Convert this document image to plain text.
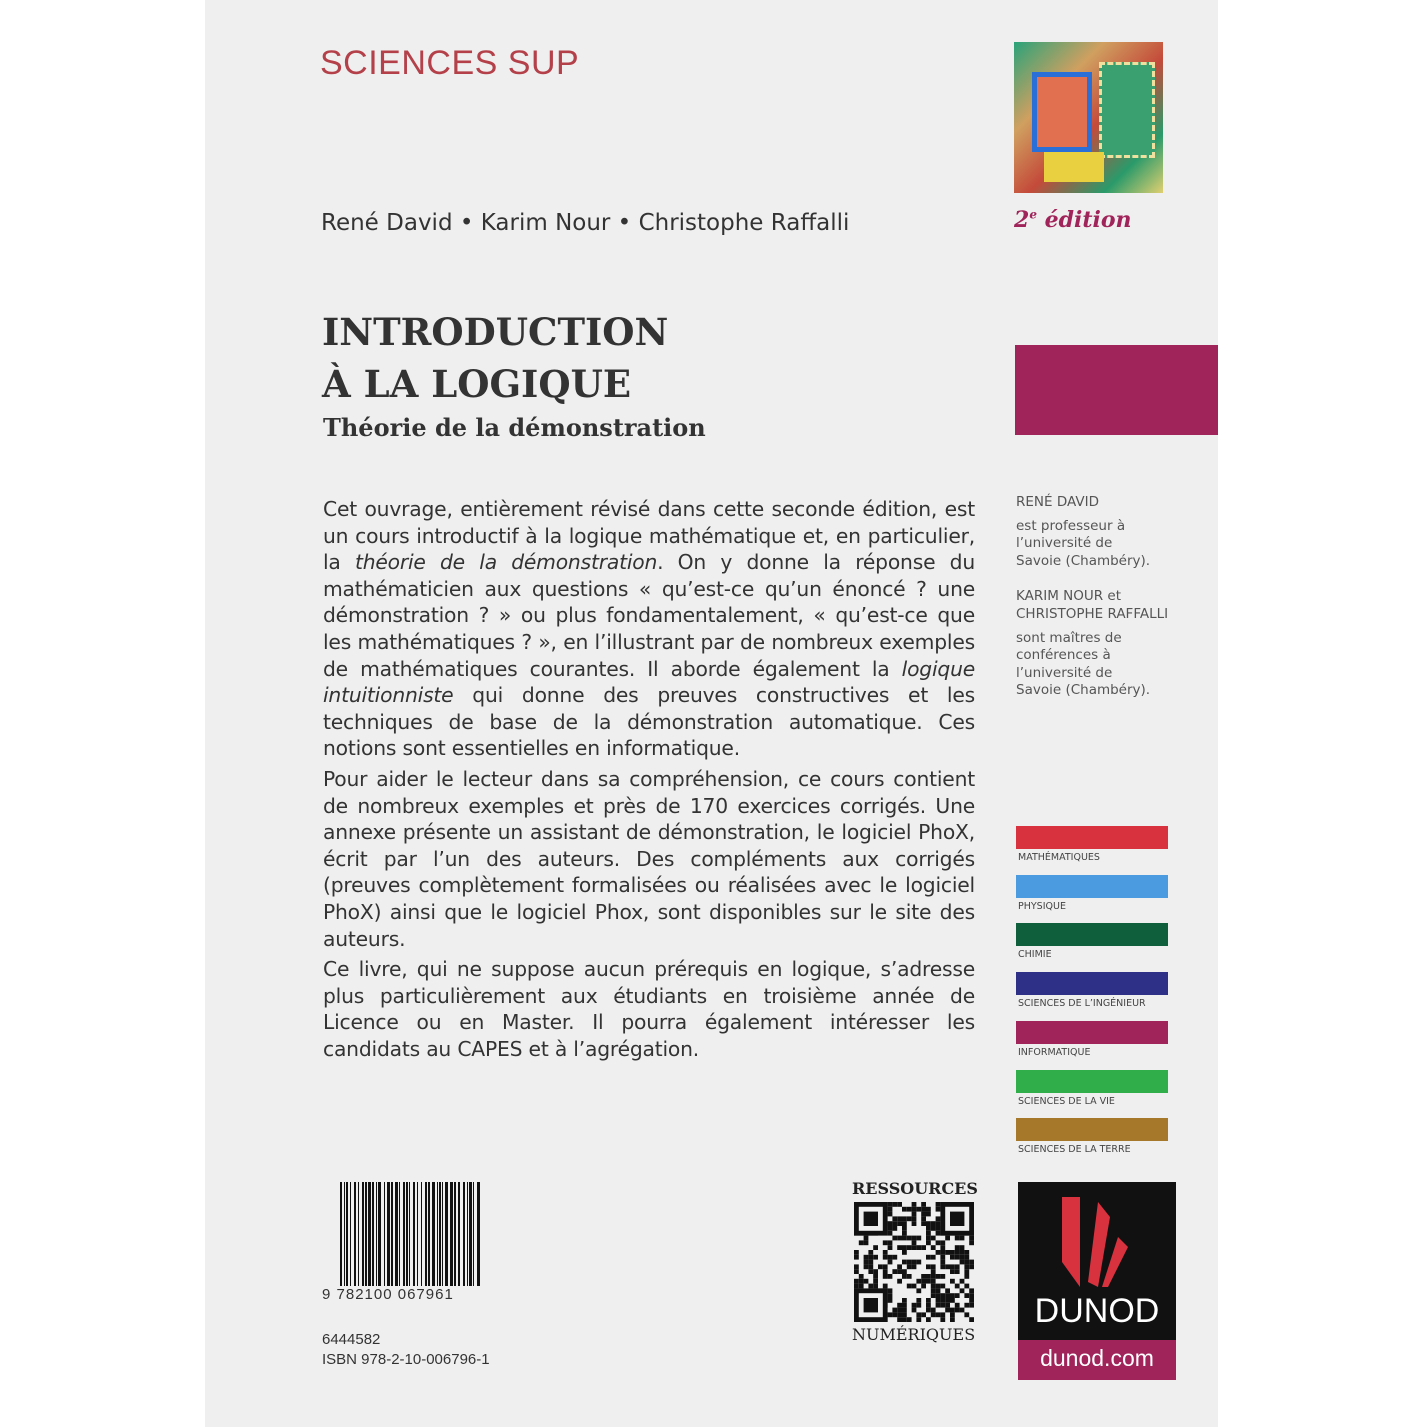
SCIENCES SUP
René David • Karim Nour • Christophe Raffalli	2e édition
INTRODUCTION
À LA LOGIQUE
Théorie de la démonstration

Cet ouvrage, entièrement révisé dans cette seconde édition, est un cours introductif à la logique mathématique et, en particulier, la théorie de la démonstration. On y donne la réponse du mathématicien aux questions « qu’est-ce qu’un énoncé ? une démonstration ? » ou plus fondamentalement, « qu’est-ce que les mathématiques ? », en l’illustrant par de nombreux exemples de mathématiques courantes. Il aborde également la logique intuitionniste qui donne des preuves constructives et les techniques de base de la démonstration automatique. Ces notions sont essentielles en informatique.

Pour aider le lecteur dans sa compréhension, ce cours contient de nombreux exemples et près de 170 exercices corrigés. Une annexe présente un assistant de démonstration, le logiciel PhoX, écrit par l’un des auteurs. Des compléments aux corrigés (preuves complètement formalisées ou réalisées avec le logiciel PhoX) ainsi que le logiciel Phox, sont disponibles sur le site des auteurs.

Ce livre, qui ne suppose aucun prérequis en logique, s’adresse plus particulièrement aux étudiants en troisième année de Licence ou en Master. Il pourra également intéresser les candidats au CAPES et à l’agrégation.

RENÉ DAVID

est professeur à l’université de Savoie (Chambéry).

KARIM NOUR et CHRISTOPHE RAFFALLI

sont maîtres de conférences à l’université de Savoie (Chambéry).

MATHÉMATIQUES
PHYSIQUE
CHIMIE
SCIENCES DE L’INGÉNIEUR
INFORMATIQUE
SCIENCES DE LA VIE
SCIENCES DE LA TERRE
9 782100 067961
6444582
ISBN 978-2-10-006796-1
RESSOURCES
NUMÉRIQUES
DUNOD
dunod.com
